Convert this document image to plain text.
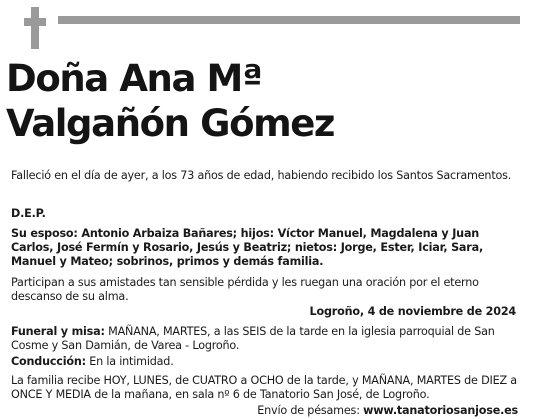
Doña Ana Mª
Valgañón Gómez

Falleció en el día de ayer, a los 73 años de edad, habiendo recibido los Santos Sacramentos.

D.E.P.

Su esposo: Antonio Arbaiza Bañares; hijos: Víctor Manuel, Magdalena y Juan Carlos, José Fermín y Rosario, Jesús y Beatriz; nietos: Jorge, Ester, Iciar, Sara, Manuel y Mateo; sobrinos, primos y demás familia.

Participan a sus amistades tan sensible pérdida y les ruegan una oración por el eterno descanso de su alma.

Logroño, 4 de noviembre de 2024

Funeral y misa: MAÑANA, MARTES, a las SEIS de la tarde en la iglesia parroquial de San Cosme y San Damián, de Varea - Logroño.

Conducción: En la intimidad.

La familia recibe HOY, LUNES, de CUATRO a OCHO de la tarde, y MAÑANA, MARTES de DIEZ a ONCE Y MEDIA de la mañana, en sala nº 6 de Tanatorio San José, de Logroño.

Envío de pésames: www.tanatoriosanjose.es
